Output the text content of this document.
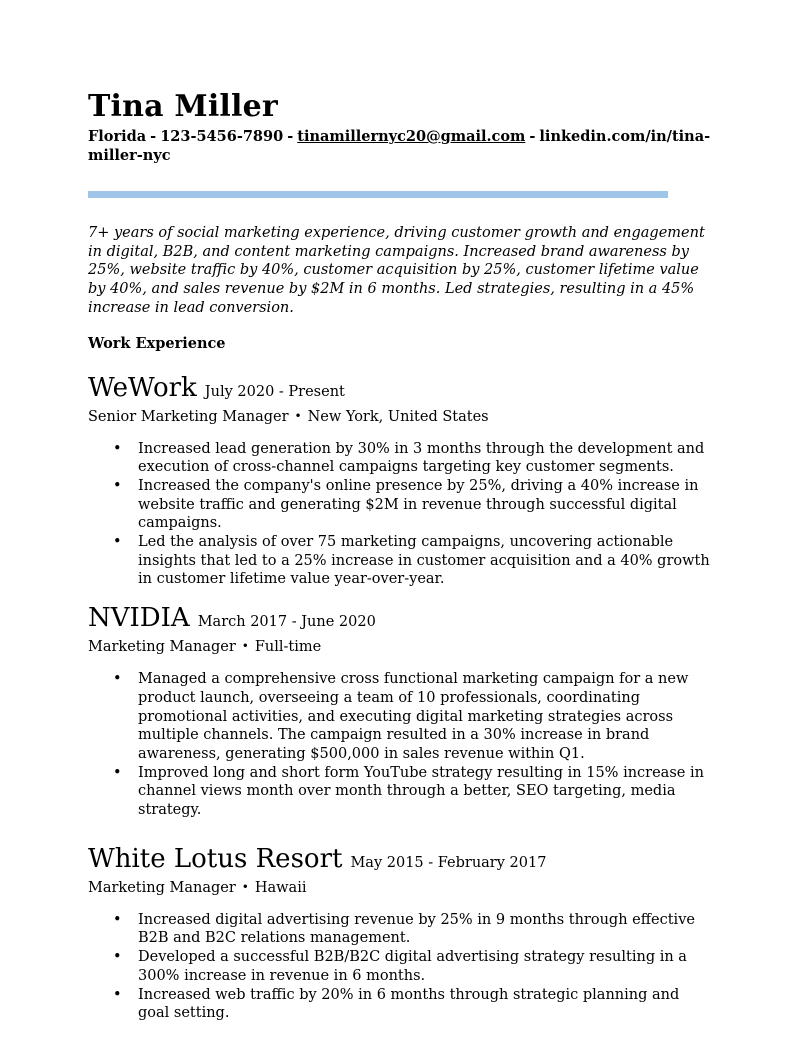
Tina Miller
Florida - 123-5456-7890 - tinamillernyc20@gmail.com - linkedin.com/in/tina-miller-nyc
7+ years of social marketing experience, driving customer growth and engagement in digital, B2B, and content marketing campaigns. Increased brand awareness by 25%, website traffic by 40%, customer acquisition by 25%, customer lifetime value by 40%, and sales revenue by $2M in 6 months. Led strategies, resulting in a 45% increase in lead conversion.
Work Experience
WeWork July 2020 - Present
Senior Marketing Manager • New York, United States
• Increased lead generation by 30% in 3 months through the development and execution of cross-channel campaigns targeting key customer segments.
• Increased the company's online presence by 25%, driving a 40% increase in website traffic and generating $2M in revenue through successful digital campaigns.
• Led the analysis of over 75 marketing campaigns, uncovering actionable insights that led to a 25% increase in customer acquisition and a 40% growth in customer lifetime value year-over-year.
NVIDIA March 2017 - June 2020
Marketing Manager • Full-time
• Managed a comprehensive cross functional marketing campaign for a new product launch, overseeing a team of 10 professionals, coordinating promotional activities, and executing digital marketing strategies across multiple channels. The campaign resulted in a 30% increase in brand awareness, generating $500,000 in sales revenue within Q1.
• Improved long and short form YouTube strategy resulting in 15% increase in channel views month over month through a better, SEO targeting, media strategy.
White Lotus Resort May 2015 - February 2017
Marketing Manager • Hawaii
• Increased digital advertising revenue by 25% in 9 months through effective B2B and B2C relations management.
• Developed a successful B2B/B2C digital advertising strategy resulting in a 300% increase in revenue in 6 months.
• Increased web traffic by 20% in 6 months through strategic planning and goal setting.
